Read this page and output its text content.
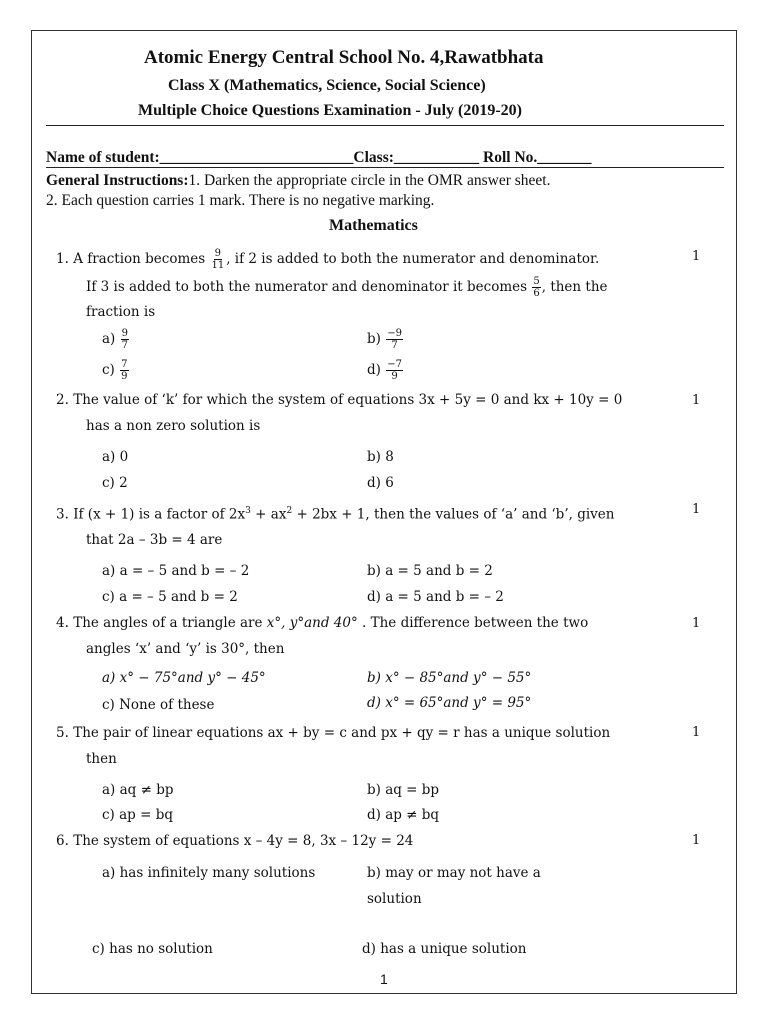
Atomic Energy Central School No. 4,Rawatbhata
Class X (Mathematics, Science, Social Science)
Multiple Choice Questions Examination - July (2019-20)
Name of student:_________________________Class:___________ Roll No._______
General Instructions:1. Darken the appropriate circle in the OMR answer sheet.
2. Each question carries 1 mark. There is no negative marking.
Mathematics
1. A fraction becomes $\frac{9}{11}$ , if 2 is added to both the numerator and denominator.	1
If 3 is added to both the numerator and denominator it becomes $\frac{5}{6}$ , then the
fraction is
$a) \frac{9}{7}$	$b) \frac{-9}{7}$
$c) \frac{7}{9}$	$d) \frac{-7}{9}$
2. The value of ‘k’ for which the system of equations 3x + 5y = 0 and kx + 10y = 0	1
has a non zero solution is
a) 0	b) 8
c) 2	d) 6
3. If (x + 1) is a factor of $2x^3 + ax^2 + 2bx + 1$, then the values of ‘a’ and ‘b’, given	1
that 2a – 3b = 4 are
a) a = – 5 and b = – 2	b) a = 5 and b = 2
c) a = – 5 and b = 2	d) a = 5 and b = – 2
4. The angles of a triangle are x°, y°and 40° . The difference between the two	1
angles ‘x’ and ‘y’ is 30°, then
a) x° − 75°and y° − 45°	b) x° − 85°and y° − 55°
c) None of these	d) x° = 65°and y° = 95°
5. The pair of linear equations ax + by = c and px + qy = r has a unique solution	1
then
a) aq ≠ bp	b) aq = bp
c) ap = bq	d) ap ≠ bq
6. The system of equations x – 4y = 8, 3x – 12y = 24	1
a) has infinitely many solutions	b) may or may not have a
solution
c) has no solution	d) has a unique solution
1
